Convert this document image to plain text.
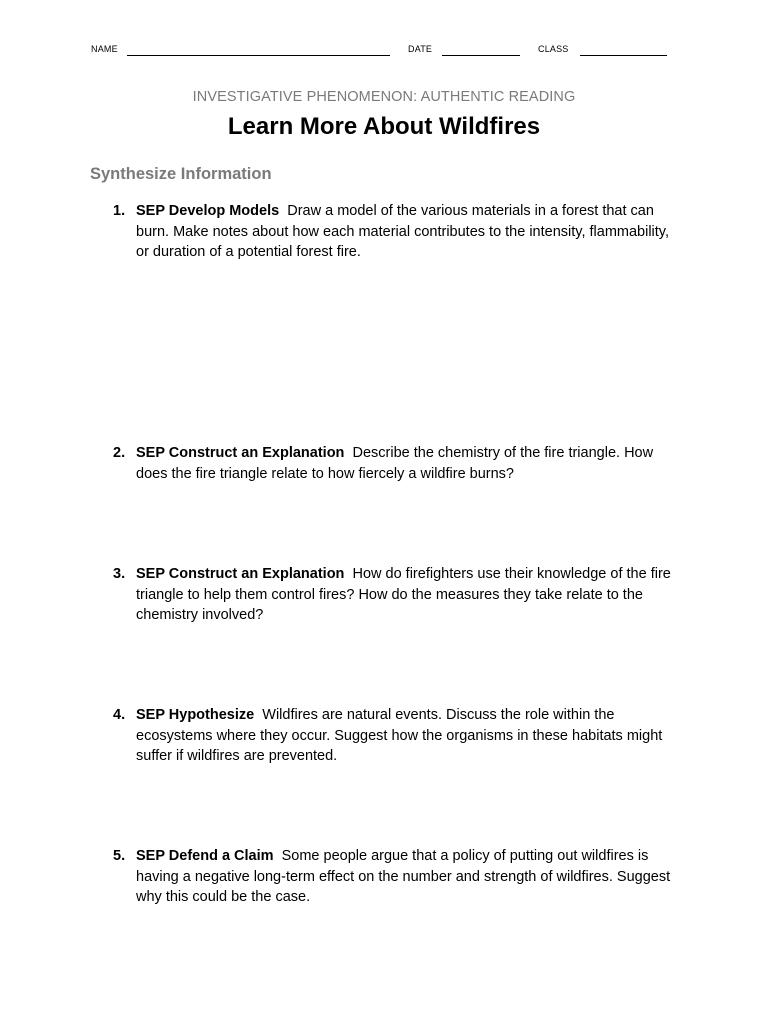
NAME	DATE	CLASS
INVESTIGATIVE PHENOMENON: AUTHENTIC READING
Learn More About Wildfires
Synthesize Information
1. SEP Develop Models Draw a model of the various materials in a forest that can burn. Make notes about how each material contributes to the intensity, flammability, or duration of a potential forest fire.
2. SEP Construct an Explanation Describe the chemistry of the fire triangle. How does the fire triangle relate to how fiercely a wildfire burns?
3. SEP Construct an Explanation How do firefighters use their knowledge of the fire triangle to help them control fires? How do the measures they take relate to the chemistry involved?
4. SEP Hypothesize Wildfires are natural events. Discuss the role within the ecosystems where they occur. Suggest how the organisms in these habitats might suffer if wildfires are prevented.
5. SEP Defend a Claim Some people argue that a policy of putting out wildfires is having a negative long-term effect on the number and strength of wildfires. Suggest why this could be the case.
